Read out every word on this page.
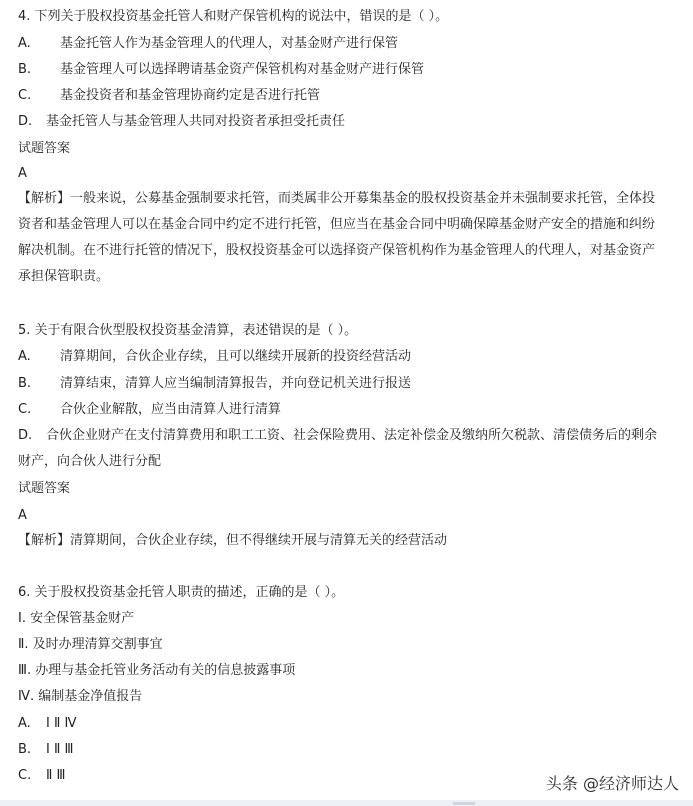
4. 下列关于股权投资基金托管人和财产保管机构的说法中，错误的是（ ）。
A. 基金托管人作为基金管理人的代理人，对基金财产进行保管
B. 基金管理人可以选择聘请基金资产保管机构对基金财产进行保管
C. 基金投资者和基金管理协商约定是否进行托管
D. 基金托管人与基金管理人共同对投资者承担受托责任
试题答案
A
【解析】一般来说，公募基金强制要求托管，而类属非公开募集基金的股权投资基金并未强制要求托管，全体投资者和基金管理人可以在基金合同中约定不进行托管，但应当在基金合同中明确保障基金财产安全的措施和纠纷解决机制。在不进行托管的情况下，股权投资基金可以选择资产保管机构作为基金管理人的代理人，对基金资产承担保管职责。
5. 关于有限合伙型股权投资基金清算，表述错误的是（ ）。
A. 清算期间，合伙企业存续，且可以继续开展新的投资经营活动
B. 清算结束，清算人应当编制清算报告，并向登记机关进行报送
C. 合伙企业解散，应当由清算人进行清算
D. 合伙企业财产在支付清算费用和职工工资、社会保险费用、法定补偿金及缴纳所欠税款、清偿债务后的剩余财产，向合伙人进行分配
试题答案
A
【解析】清算期间，合伙企业存续，但不得继续开展与清算无关的经营活动
6. 关于股权投资基金托管人职责的描述，正确的是（ ）。
Ⅰ. 安全保管基金财产
Ⅱ. 及时办理清算交割事宜
Ⅲ. 办理与基金托管业务活动有关的信息披露事项
Ⅳ. 编制基金净值报告
A. Ⅰ Ⅱ Ⅳ
B. Ⅰ Ⅱ Ⅲ
C. Ⅱ Ⅲ	头条 @经济师达人
